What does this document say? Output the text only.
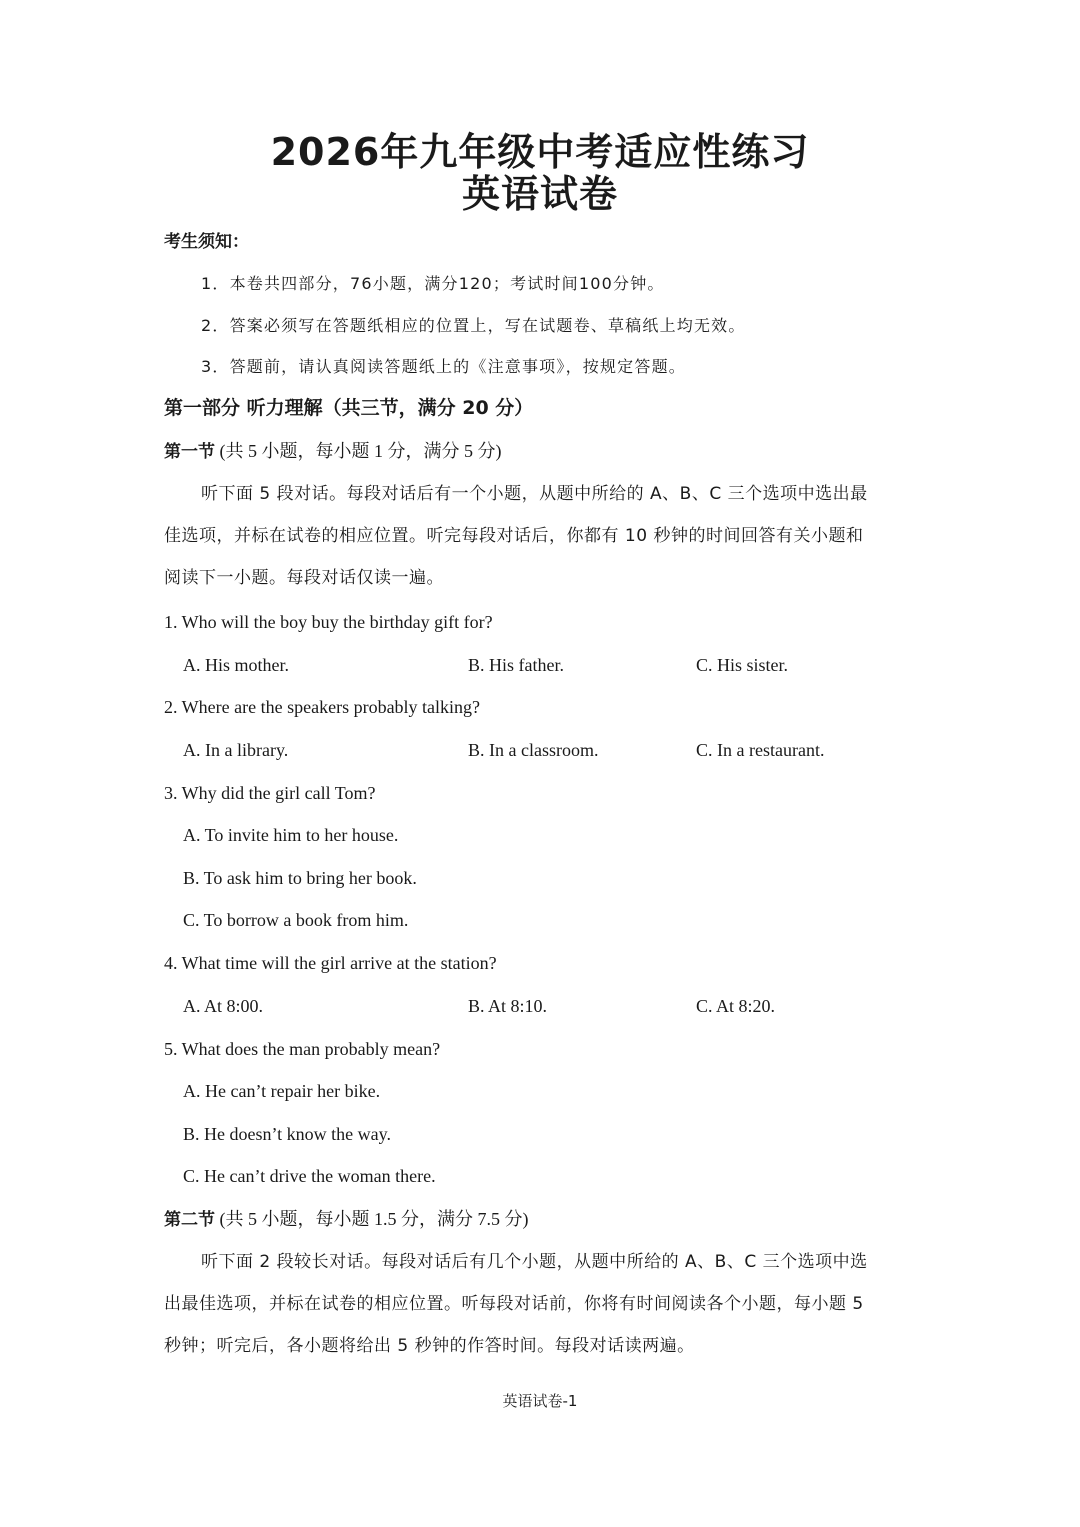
2026年九年级中考适应性练习
英语试卷
考生须知：
1．本卷共四部分，76小题，满分120；考试时间100分钟。
2．答案必须写在答题纸相应的位置上，写在试题卷、草稿纸上均无效。
3．答题前，请认真阅读答题纸上的《注意事项》，按规定答题。
第一部分 听力理解（共三节，满分 20 分）
第一节 (共 5 小题，每小题 1 分，满分 5 分)
听下面 5 段对话。每段对话后有一个小题，从题中所给的 A、B、C 三个选项中选出最
佳选项，并标在试卷的相应位置。听完每段对话后，你都有 10 秒钟的时间回答有关小题和
阅读下一小题。每段对话仅读一遍。
1. Who will the boy buy the birthday gift for?
A. His mother.	B. His father.	C. His sister.
2. Where are the speakers probably talking?
A. In a library.	B. In a classroom.	C. In a restaurant.
3. Why did the girl call Tom?
A. To invite him to her house.
B. To ask him to bring her book.
C. To borrow a book from him.
4. What time will the girl arrive at the station?
A. At 8:00.	B. At 8:10.	C. At 8:20.
5. What does the man probably mean?
A. He can’t repair her bike.
B. He doesn’t know the way.
C. He can’t drive the woman there.
第二节 (共 5 小题，每小题 1.5 分，满分 7.5 分)
听下面 2 段较长对话。每段对话后有几个小题，从题中所给的 A、B、C 三个选项中选
出最佳选项，并标在试卷的相应位置。听每段对话前，你将有时间阅读各个小题，每小题 5
秒钟；听完后，各小题将给出 5 秒钟的作答时间。每段对话读两遍。
英语试卷-1
